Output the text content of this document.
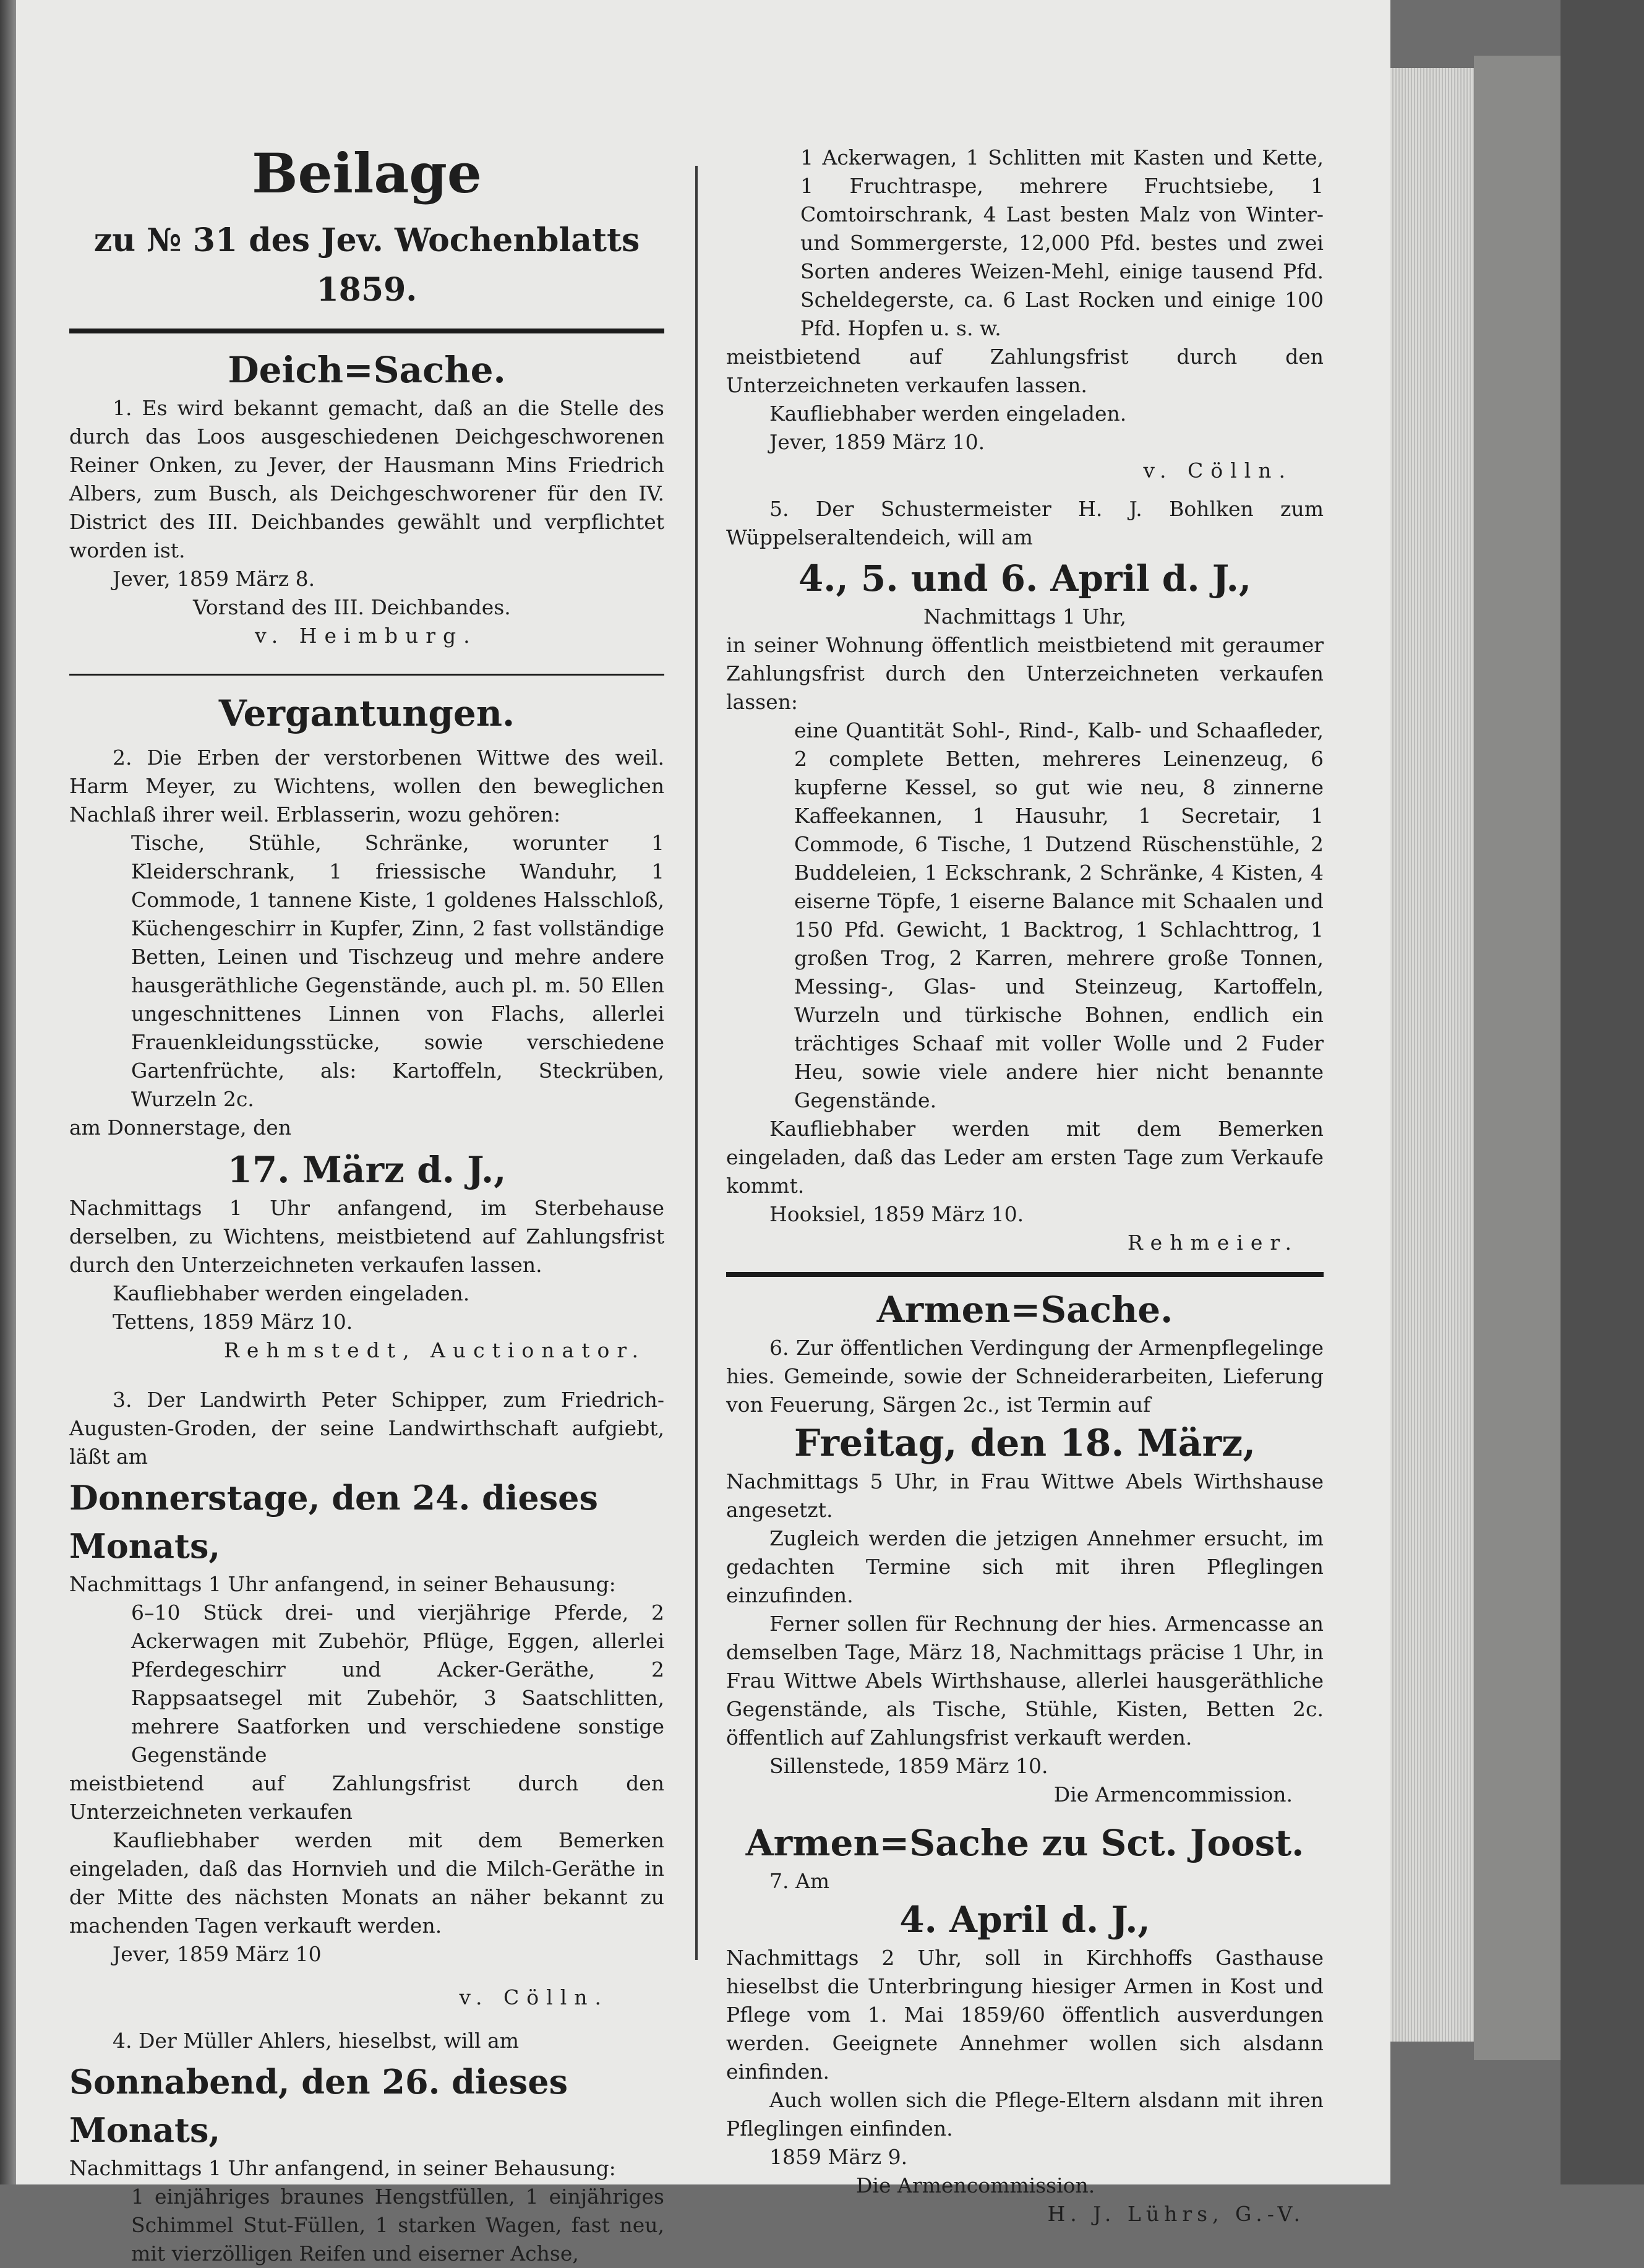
Beilage
zu № 31 des Jev. Wochenblatts 1859.
Deich=Sache.

1. Es wird bekannt gemacht, daß an die Stelle des durch das Loos ausgeschiedenen Deichgeschworenen Reiner Onken, zu Jever, der Hausmann Mins Friedrich Albers, zum Busch, als Deichgeschworener für den IV. District des III. Deichbandes gewählt und verpflichtet worden ist.

Jever, 1859 März 8.

Vorstand des III. Deichbandes.

v. Heimburg.

Vergantungen.

2. Die Erben der verstorbenen Wittwe des weil. Harm Meyer, zu Wichtens, wollen den beweglichen Nachlaß ihrer weil. Erblasserin, wozu gehören:

Tische, Stühle, Schränke, worunter 1 Kleiderschrank, 1 friessische Wanduhr, 1 Commode, 1 tannene Kiste, 1 goldenes Halsschloß, Küchengeschirr in Kupfer, Zinn, 2 fast vollständige Betten, Leinen und Tischzeug und mehre andere hausgeräthliche Gegenstände, auch pl. m. 50 Ellen ungeschnittenes Linnen von Flachs, allerlei Frauenkleidungsstücke, sowie verschiedene Gartenfrüchte, als: Kartoffeln, Steckrüben, Wurzeln 2c.

am Donnerstage, den

17. März d. J.,

Nachmittags 1 Uhr anfangend, im Sterbehause derselben, zu Wichtens, meistbietend auf Zahlungsfrist durch den Unterzeichneten verkaufen lassen.

Kaufliebhaber werden eingeladen.

Tettens, 1859 März 10.

Rehmstedt, Auctionator.

3. Der Landwirth Peter Schipper, zum Friedrich-Augusten-Groden, der seine Landwirthschaft aufgiebt, läßt am

Donnerstage, den 24. dieses Monats,

Nachmittags 1 Uhr anfangend, in seiner Behausung:

6–10 Stück drei- und vierjährige Pferde, 2 Ackerwagen mit Zubehör, Pflüge, Eggen, allerlei Pferdegeschirr und Acker-Geräthe, 2 Rappsaatsegel mit Zubehör, 3 Saatschlitten, mehrere Saatforken und verschiedene sonstige Gegenstände

meistbietend auf Zahlungsfrist durch den Unterzeichneten verkaufen

Kaufliebhaber werden mit dem Bemerken eingeladen, daß das Hornvieh und die Milch-Geräthe in der Mitte des nächsten Monats an näher bekannt zu machenden Tagen verkauft werden.

Jever, 1859 März 10

v. Cölln.

4. Der Müller Ahlers, hieselbst, will am

Sonnabend, den 26. dieses Monats,

Nachmittags 1 Uhr anfangend, in seiner Behausung:

1 einjähriges braunes Hengstfüllen, 1 einjähriges Schimmel Stut-Füllen, 1 starken Wagen, fast neu, mit vierzölligen Reifen und eiserner Achse,

1 Ackerwagen, 1 Schlitten mit Kasten und Kette, 1 Fruchtraspe, mehrere Fruchtsiebe, 1 Comtoirschrank, 4 Last besten Malz von Winter- und Sommergerste, 12,000 Pfd. bestes und zwei Sorten anderes Weizen-Mehl, einige tausend Pfd. Scheldegerste, ca. 6 Last Rocken und einige 100 Pfd. Hopfen u. s. w.

meistbietend auf Zahlungsfrist durch den Unterzeichneten verkaufen lassen.

Kaufliebhaber werden eingeladen.

Jever, 1859 März 10.

v. Cölln.

5. Der Schustermeister H. J. Bohlken zum Wüppelseraltendeich, will am

4., 5. und 6. April d. J.,

Nachmittags 1 Uhr,

in seiner Wohnung öffentlich meistbietend mit geraumer Zahlungsfrist durch den Unterzeichneten verkaufen lassen:

eine Quantität Sohl-, Rind-, Kalb- und Schaafleder, 2 complete Betten, mehreres Leinenzeug, 6 kupferne Kessel, so gut wie neu, 8 zinnerne Kaffeekannen, 1 Hausuhr, 1 Secretair, 1 Commode, 6 Tische, 1 Dutzend Rüschenstühle, 2 Buddeleien, 1 Eckschrank, 2 Schränke, 4 Kisten, 4 eiserne Töpfe, 1 eiserne Balance mit Schaalen und 150 Pfd. Gewicht, 1 Backtrog, 1 Schlachttrog, 1 großen Trog, 2 Karren, mehrere große Tonnen, Messing-, Glas- und Steinzeug, Kartoffeln, Wurzeln und türkische Bohnen, endlich ein trächtiges Schaaf mit voller Wolle und 2 Fuder Heu, sowie viele andere hier nicht benannte Gegenstände.

Kaufliebhaber werden mit dem Bemerken eingeladen, daß das Leder am ersten Tage zum Verkaufe kommt.

Hooksiel, 1859 März 10.

Rehmeier.

Armen=Sache.

6. Zur öffentlichen Verdingung der Armenpflegelinge hies. Gemeinde, sowie der Schneiderarbeiten, Lieferung von Feuerung, Särgen 2c., ist Termin auf

Freitag, den 18. März,

Nachmittags 5 Uhr, in Frau Wittwe Abels Wirthshause angesetzt.

Zugleich werden die jetzigen Annehmer ersucht, im gedachten Termine sich mit ihren Pfleglingen einzufinden.

Ferner sollen für Rechnung der hies. Armencasse an demselben Tage, März 18, Nachmittags präcise 1 Uhr, in Frau Wittwe Abels Wirthshause, allerlei hausgeräthliche Gegenstände, als Tische, Stühle, Kisten, Betten 2c. öffentlich auf Zahlungsfrist verkauft werden.

Sillenstede, 1859 März 10.

Die Armencommission.

Armen=Sache zu Sct. Joost.

7. Am

4. April d. J.,

Nachmittags 2 Uhr, soll in Kirchhoffs Gasthause hieselbst die Unterbringung hiesiger Armen in Kost und Pflege vom 1. Mai 1859/60 öffentlich ausverdungen werden. Geeignete Annehmer wollen sich alsdann einfinden.

Auch wollen sich die Pflege-Eltern alsdann mit ihren Pfleglingen einfinden.

1859 März 9.

Die Armencommission.

H. J. Lührs, G.-V.
